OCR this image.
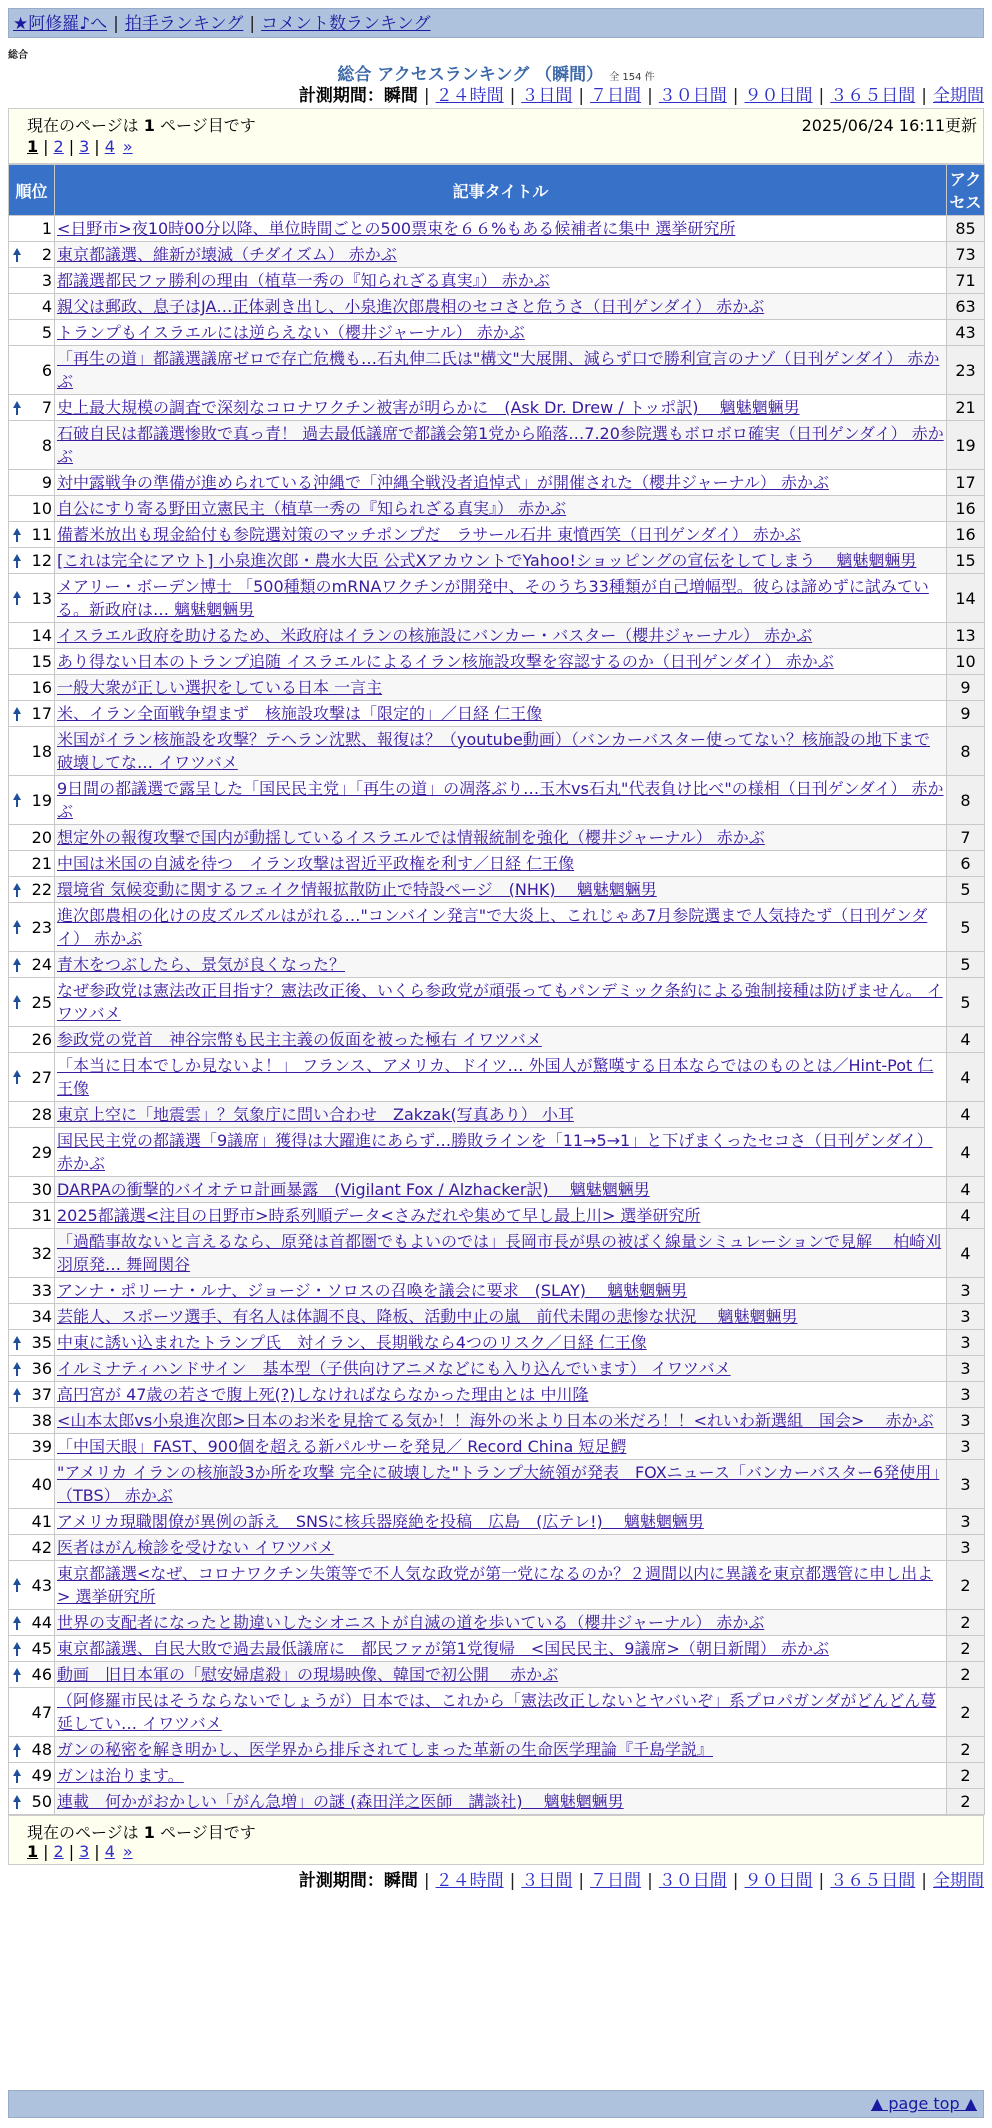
★阿修羅♪へ | 拍手ランキング | コメント数ランキング
総合
総合 アクセスランキング （瞬間） 全 154 件
計測期間：瞬間 | ２４時間 | ３日間 | ７日間 | ３０日間 | ９０日間 | ３６５日間 | 全期間
現在のページは 1 ページ目です	2025/06/24 16:11更新
1 | 2 | 3 | 4 »
順位	記事タイトル	アクセス
1	<日野市>夜10時00分以降、単位時間ごとの500票束を６６%もある候補者に集中 選挙研究所	85

2	東京都議選、維新が壊滅（チダイズム） 赤かぶ	73
3	都議選都民ファ勝利の理由（植草一秀の『知られざる真実』） 赤かぶ	71
4	親父は郵政、息子はJA…正体剥き出し、小泉進次郎農相のセコさと危うさ（日刊ゲンダイ） 赤かぶ	63
5	トランプもイスラエルには逆らえない（櫻井ジャーナル） 赤かぶ	43
6	「再生の道」都議選議席ゼロで存亡危機も…石丸伸二氏は"構文"大展開、減らず口で勝利宣言のナゾ（日刊ゲンダイ） 赤かぶ	23

7	史上最大規模の調査で深刻なコロナワクチン被害が明らかに　(Ask Dr. Drew / トッポ訳)　 魑魅魍魎男	21
8	石破自民は都議選惨敗で真っ青！ 過去最低議席で都議会第1党から陥落…7.20参院選もボロボロ確実（日刊ゲンダイ） 赤かぶ	19
9	対中露戦争の準備が進められている沖縄で「沖縄全戦没者追悼式」が開催された（櫻井ジャーナル） 赤かぶ	17
10	自公にすり寄る野田立憲民主（植草一秀の『知られざる真実』） 赤かぶ	16

11	備蓄米放出も現金給付も参院選対策のマッチポンプだ　ラサール石井 東憤西笑（日刊ゲンダイ） 赤かぶ	16

12	[これは完全にアウト] 小泉進次郎・農水大臣 公式XアカウントでYahoo!ショッピングの宣伝をしてしまう　 魑魅魍魎男	15

13	メアリー・ボーデン博士 「500種類のmRNAワクチンが開発中、そのうち33種類が自己増幅型。彼らは諦めずに試みている。新政府は… 魑魅魍魎男	14
14	イスラエル政府を助けるため、米政府はイランの核施設にバンカー・バスター（櫻井ジャーナル） 赤かぶ	13
15	あり得ない日本のトランプ追随 イスラエルによるイラン核施設攻撃を容認するのか（日刊ゲンダイ） 赤かぶ	10
16	一般大衆が正しい選択をしている日本 一言主	9

17	米、イラン全面戦争望まず　核施設攻撃は「限定的」／日経 仁王像	9
18	米国がイラン核施設を攻撃？テヘラン沈黙、報復は？（youtube動画）（バンカーバスター使ってない？核施設の地下まで破壊してな… イワツバメ	8

19	9日間の都議選で露呈した「国民民主党」「再生の道」の凋落ぶり…玉木vs石丸"代表負け比べ"の様相（日刊ゲンダイ） 赤かぶ	8
20	想定外の報復攻撃で国内が動揺しているイスラエルでは情報統制を強化（櫻井ジャーナル） 赤かぶ	7
21	中国は米国の自滅を待つ　イラン攻撃は習近平政権を利す／日経 仁王像	6

22	環境省 気候変動に関するフェイク情報拡散防止で特設ページ　(NHK)　 魑魅魍魎男	5

23	進次郎農相の化けの皮ズルズルはがれる…"コンバイン発言"で大炎上、これじゃあ7月参院選まで人気持たず（日刊ゲンダイ） 赤かぶ	5

24	青木をつぶしたら、景気が良くなった？	5

25	なぜ参政党は憲法改正目指す？憲法改正後、いくら参政党が頑張ってもパンデミック条約による強制接種は防げません。 イワツバメ	5
26	参政党の党首　神谷宗幣も民主主義の仮面を被った極右 イワツバメ	4

27	「本当に日本でしか見ないよ！」 フランス、アメリカ、ドイツ… 外国人が驚嘆する日本ならではのものとは／Hint-Pot 仁王像	4
28	東京上空に「地震雲」？気象庁に問い合わせ　Zakzak(写真あり） 小耳	4
29	国民民主党の都議選「9議席」獲得は大躍進にあらず…勝敗ラインを「11→5→1」と下げまくったセコさ（日刊ゲンダイ） 赤かぶ	4
30	DARPAの衝撃的バイオテロ計画暴露　(Vigilant Fox / Alzhacker訳)　 魑魅魍魎男	4
31	2025都議選<注目の日野市>時系列順データ<さみだれや集めて早し最上川> 選挙研究所	4
32	「過酷事故ないと言えるなら、原発は首都圏でもよいのでは」長岡市長が県の被ばく線量シミュレーションで見解　 柏崎刈羽原発… 舞岡関谷	4
33	アンナ・ポリーナ・ルナ、ジョージ・ソロスの召喚を議会に要求　(SLAY)　 魑魅魍魎男	3
34	芸能人、スポーツ選手、有名人は体調不良、降板、活動中止の嵐　前代未聞の悲惨な状況　 魑魅魍魎男	3

35	中東に誘い込まれたトランプ氏　対イラン、長期戦なら4つのリスク／日経 仁王像	3

36	イルミナティハンドサイン　基本型（子供向けアニメなどにも入り込んでいます） イワツバメ	3

37	高円宮が 47歳の若さで腹上死(?)しなければならなかった理由とは 中川隆	3
38	<山本太郎vs小泉進次郎>日本のお米を見捨てる気か！！海外の米より日本の米だろ！！<れいわ新選組　国会>　 赤かぶ	3
39	「中国天眼」FAST、900個を超える新パルサーを発見／ Record China 短足鰐	3
40	"アメリカ イランの核施設3か所を攻撃 完全に破壊した"トランプ大統領が発表　FOXニュース「バンカーバスター6発使用」（TBS） 赤かぶ	3
41	アメリカ現職閣僚が異例の訴え　SNSに核兵器廃絶を投稿　広島　(広テレ!)　 魑魅魍魎男	3
42	医者はがん検診を受けない イワツバメ	3

43	東京都議選<なぜ、コロナワクチン失策等で不人気な政党が第一党になるのか？２週間以内に異議を東京都選管に申し出よ> 選挙研究所	2

44	世界の支配者になったと勘違いしたシオニストが自滅の道を歩いている（櫻井ジャーナル） 赤かぶ	2

45	東京都議選、自民大敗で過去最低議席に　都民ファが第1党復帰　<国民民主、9議席>（朝日新聞） 赤かぶ	2

46	動画　旧日本軍の「慰安婦虐殺」の現場映像、韓国で初公開　 赤かぶ	2
47	（阿修羅市民はそうならないでしょうが）日本では、これから「憲法改正しないとヤバいぞ」系プロパガンダがどんどん蔓延してい… イワツバメ	2

48	ガンの秘密を解き明かし、医学界から排斥されてしまった革新の生命医学理論『千島学説』	2

49	ガンは治ります。	2

50	連載　何かがおかしい「がん急増」の謎 (森田洋之医師　講談社)　 魑魅魍魎男	2
現在のページは 1 ページ目です
1 | 2 | 3 | 4 »
計測期間：瞬間 | ２４時間 | ３日間 | ７日間 | ３０日間 | ９０日間 | ３６５日間 | 全期間
▲ page top ▲
